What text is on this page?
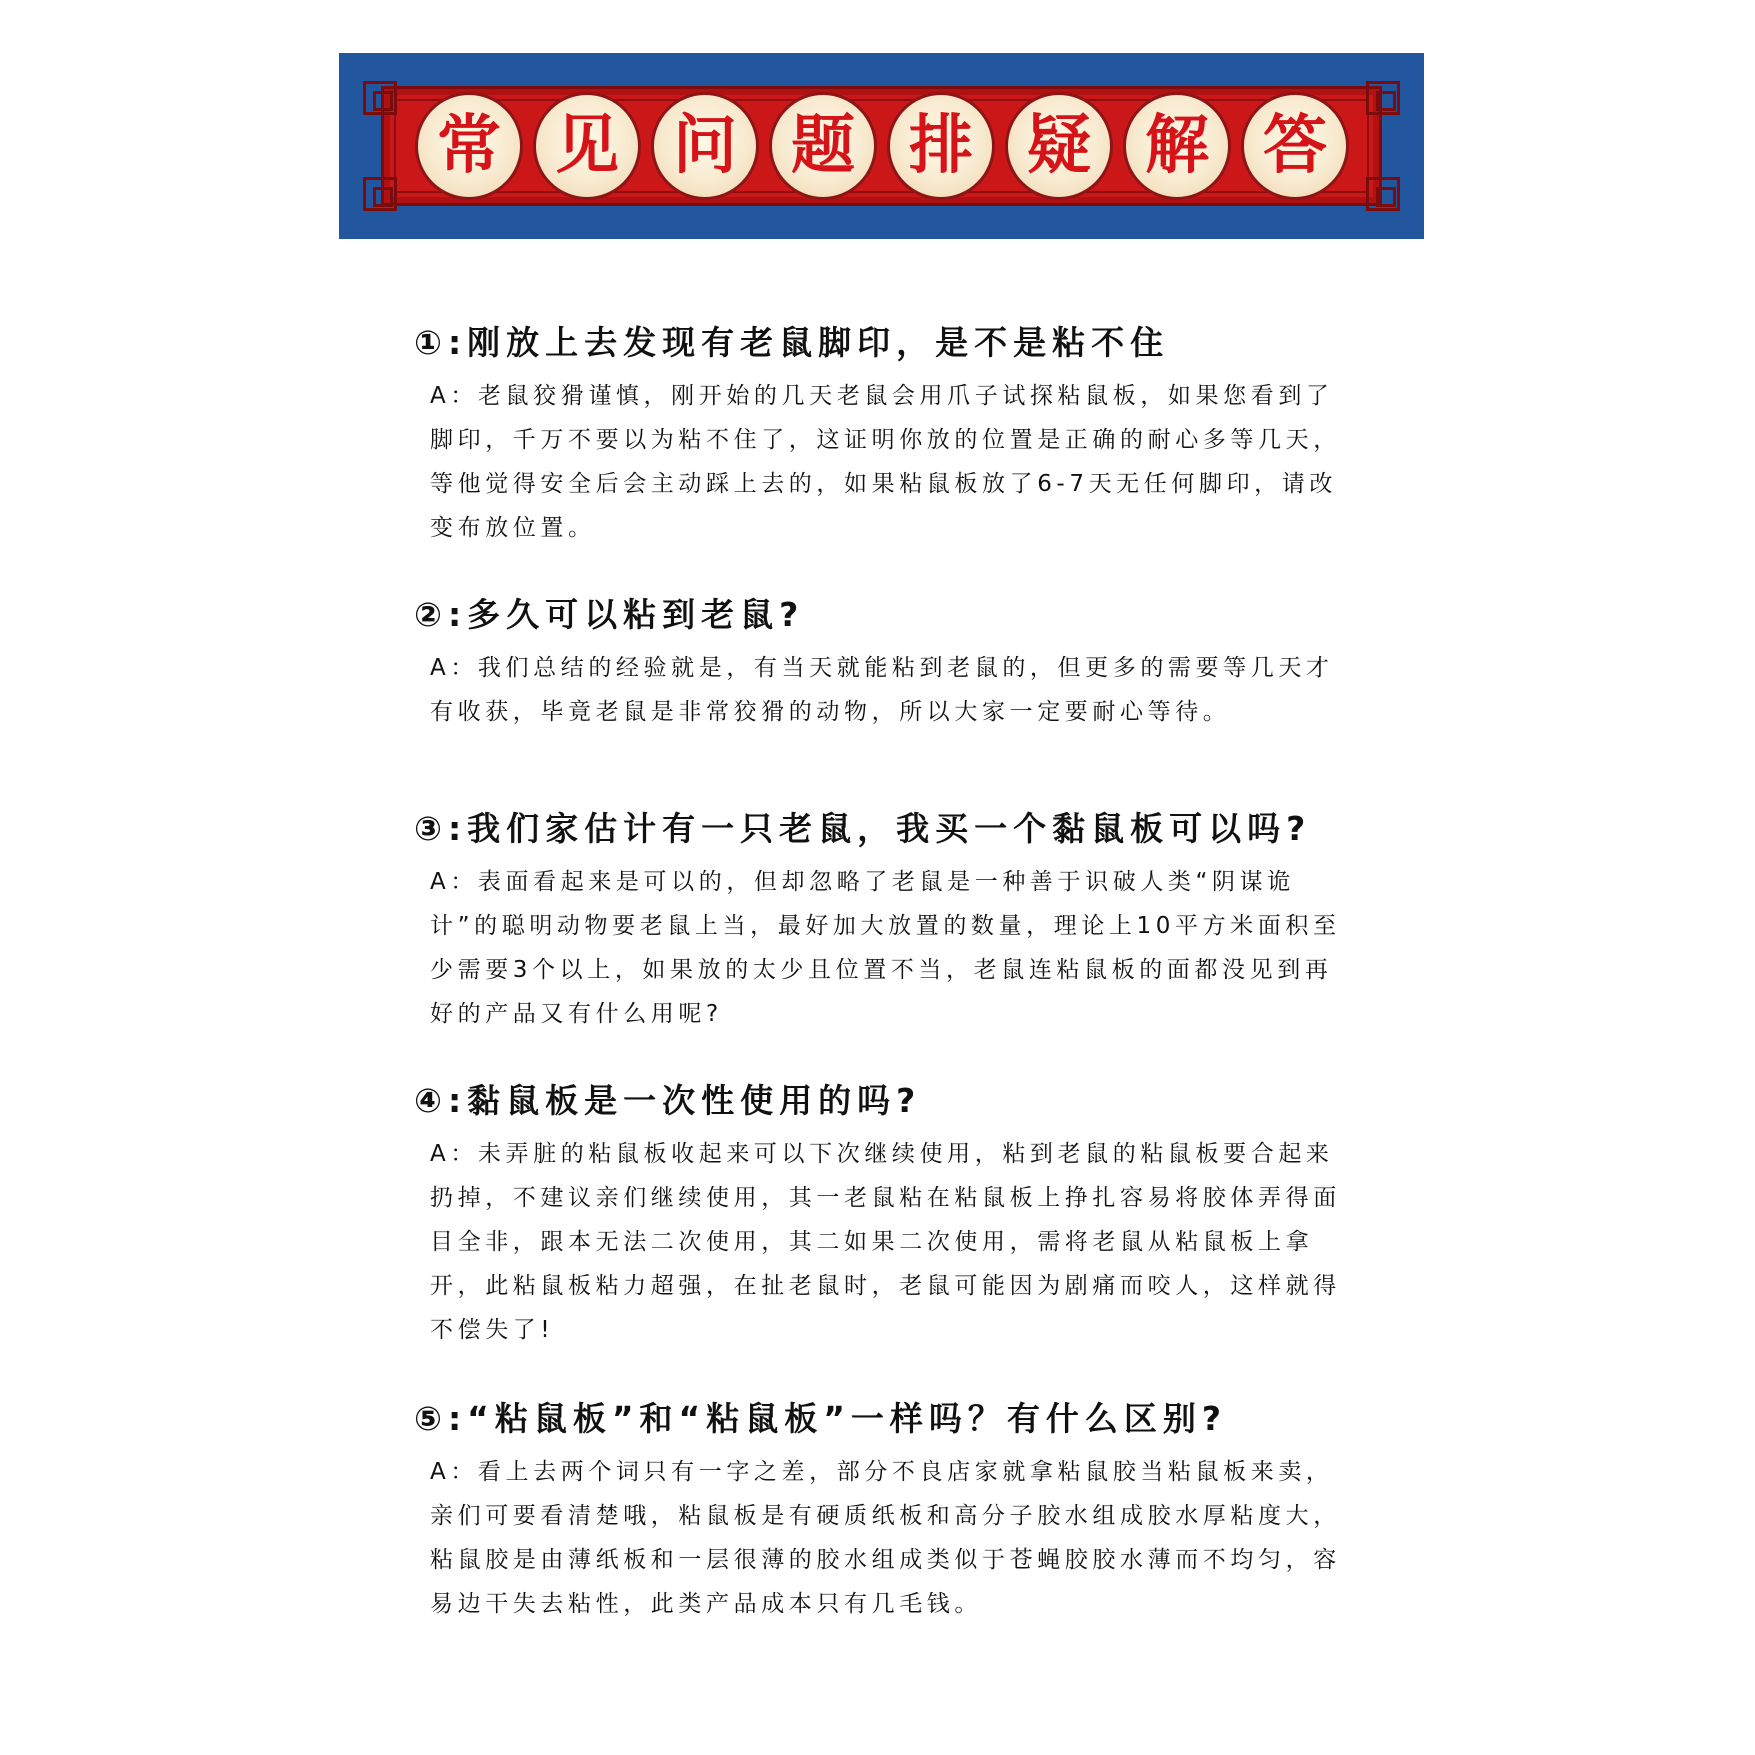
常 见 问 题 排 疑 解 答
①:刚放上去发现有老鼠脚印，是不是粘不住

A：老鼠狡猾谨慎，刚开始的几天老鼠会用爪子试探粘鼠板，如果您看到了脚印，千万不要以为粘不住了，这证明你放的位置是正确的耐心多等几天，等他觉得安全后会主动踩上去的，如果粘鼠板放了6-7天无任何脚印，请改变布放位置。

②:多久可以粘到老鼠?

A：我们总结的经验就是，有当天就能粘到老鼠的，但更多的需要等几天才有收获，毕竟老鼠是非常狡猾的动物，所以大家一定要耐心等待。

③:我们家估计有一只老鼠，我买一个黏鼠板可以吗?

A：表面看起来是可以的，但却忽略了老鼠是一种善于识破人类“阴谋诡计”的聪明动物要老鼠上当，最好加大放置的数量，理论上10平方米面积至少需要3个以上，如果放的太少且位置不当，老鼠连粘鼠板的面都没见到再好的产品又有什么用呢?

④:黏鼠板是一次性使用的吗?

A：未弄脏的粘鼠板收起来可以下次继续使用，粘到老鼠的粘鼠板要合起来扔掉，不建议亲们继续使用，其一老鼠粘在粘鼠板上挣扎容易将胶体弄得面目全非，跟本无法二次使用，其二如果二次使用，需将老鼠从粘鼠板上拿开，此粘鼠板粘力超强，在扯老鼠时，老鼠可能因为剧痛而咬人，这样就得不偿失了!

⑤:“粘鼠板”和“粘鼠板”一样吗？有什么区别?

A：看上去两个词只有一字之差，部分不良店家就拿粘鼠胶当粘鼠板来卖，亲们可要看清楚哦，粘鼠板是有硬质纸板和高分子胶水组成胶水厚粘度大，粘鼠胶是由薄纸板和一层很薄的胶水组成类似于苍蝇胶胶水薄而不均匀，容易边干失去粘性，此类产品成本只有几毛钱。
